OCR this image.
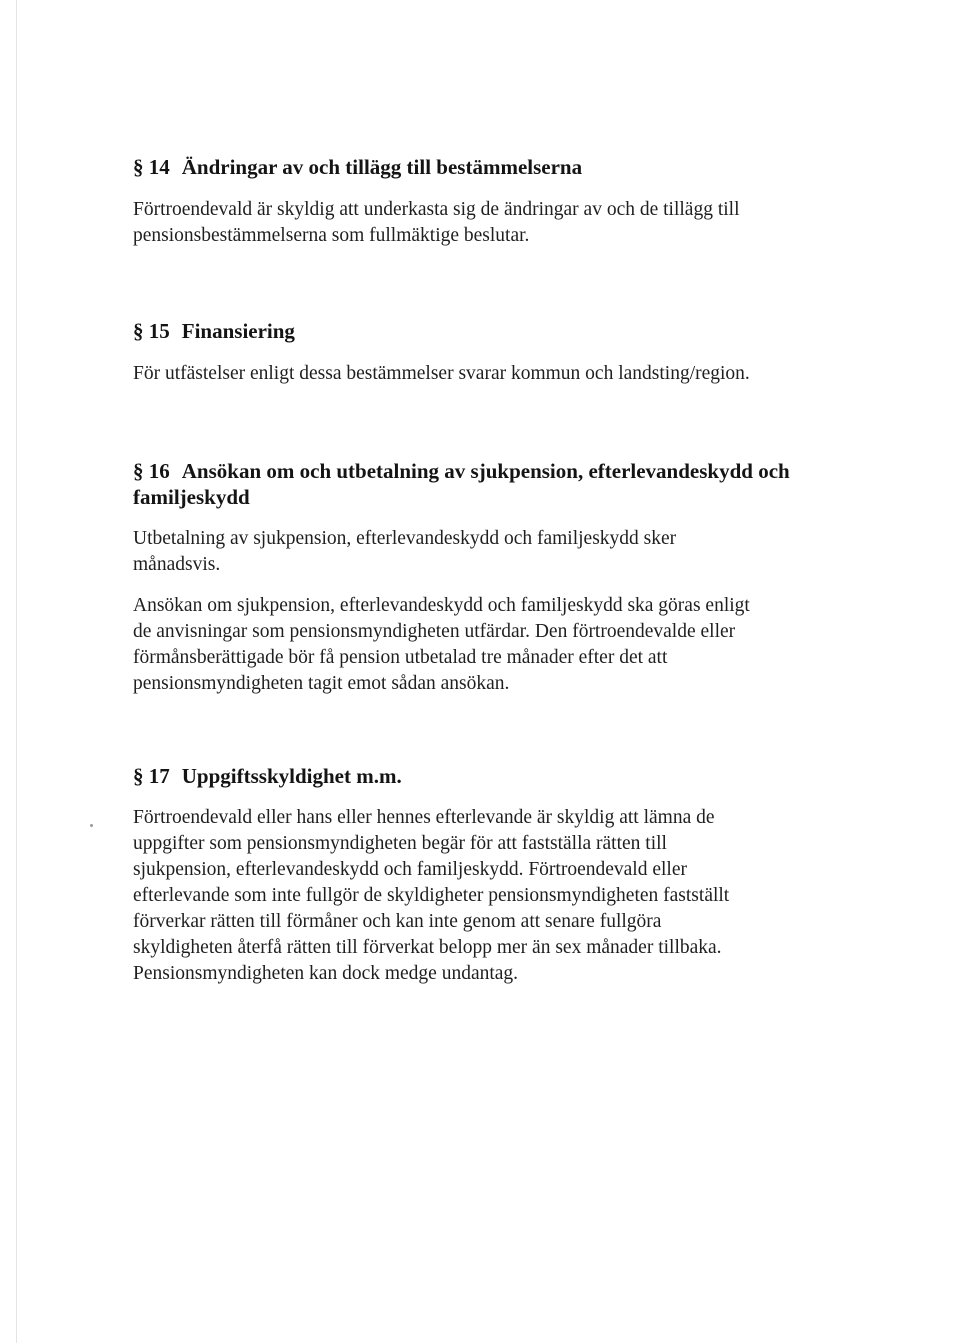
§ 14 Ändringar av och tillägg till bestämmelserna
Förtroendevald är skyldig att underkasta sig de ändringar av och de tillägg till
pensionsbestämmelserna som fullmäktige beslutar.
§ 15 Finansiering
För utfästelser enligt dessa bestämmelser svarar kommun och landsting/region.
§ 16 Ansökan om och utbetalning av sjukpension, efterlevandeskydd och
familjeskydd
Utbetalning av sjukpension, efterlevandeskydd och familjeskydd sker
månadsvis.
Ansökan om sjukpension, efterlevandeskydd och familjeskydd ska göras enligt
de anvisningar som pensionsmyndigheten utfärdar. Den förtroendevalde eller
förmånsberättigade bör få pension utbetalad tre månader efter det att
pensionsmyndigheten tagit emot sådan ansökan.
§ 17 Uppgiftsskyldighet m.m.
Förtroendevald eller hans eller hennes efterlevande är skyldig att lämna de
uppgifter som pensionsmyndigheten begär för att fastställa rätten till
sjukpension, efterlevandeskydd och familjeskydd. Förtroendevald eller
efterlevande som inte fullgör de skyldigheter pensionsmyndigheten fastställt
förverkar rätten till förmåner och kan inte genom att senare fullgöra
skyldigheten återfå rätten till förverkat belopp mer än sex månader tillbaka.
Pensionsmyndigheten kan dock medge undantag.
